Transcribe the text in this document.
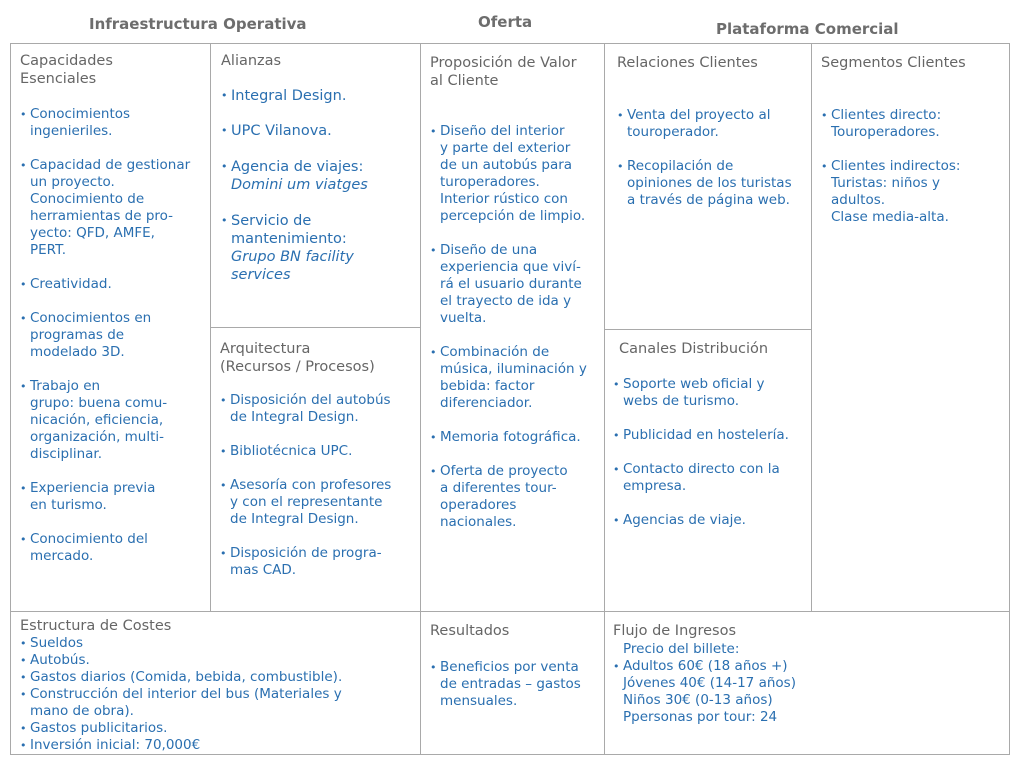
Infraestructura Operativa	Oferta	Plataforma Comercial
Capacidades
Esenciales
• Conocimientos
ingenieriles.
• Capacidad de gestionar
un proyecto.
Conocimiento de
herramientas de pro-
yecto: QFD, AMFE,
PERT.
• Creatividad.
• Conocimientos en
programas de
modelado 3D.
• Trabajo en
grupo: buena comu-
nicación, eficiencia,
organización, multi-
disciplinar.
• Experiencia previa
en turismo.
• Conocimiento del
mercado.
Alianzas
• Integral Design.
• UPC Vilanova.
• Agencia de viajes:
Domini um viatges
• Servicio de
mantenimiento:
Grupo BN facility
services
Arquitectura
(Recursos / Procesos)
• Disposición del autobús
de Integral Design.
• Bibliotécnica UPC.
• Asesoría con profesores
y con el representante
de Integral Design.
• Disposición de progra-
mas CAD.
Proposición de Valor
al Cliente
• Diseño del interior
y parte del exterior
de un autobús para
turoperadores.
Interior rústico con
percepción de limpio.
• Diseño de una
experiencia que viví-
rá el usuario durante
el trayecto de ida y
vuelta.
• Combinación de
música, iluminación y
bebida: factor
diferenciador.
• Memoria fotográfica.
• Oferta de proyecto
a diferentes tour-
operadores
nacionales.
Relaciones Clientes
• Venta del proyecto al
touroperador.
• Recopilación de
opiniones de los turistas
a través de página web.
Canales Distribución
• Soporte web oficial y
webs de turismo.
• Publicidad en hostelería.
• Contacto directo con la
empresa.
• Agencias de viaje.
Segmentos Clientes
• Clientes directo:
Touroperadores.
• Clientes indirectos:
Turistas: niños y
adultos.
Clase media-alta.
Estructura de Costes
• Sueldos
• Autobús.
• Gastos diarios (Comida, bebida, combustible).
• Construcción del interior del bus (Materiales y
mano de obra).
• Gastos publicitarios.
• Inversión inicial: 70,000€
Resultados
• Beneficios por venta
de entradas – gastos
mensuales.
Flujo de Ingresos
Precio del billete:
• Adultos 60€ (18 años +)
Jóvenes 40€ (14-17 años)
Niños 30€ (0-13 años)
Ppersonas por tour: 24
